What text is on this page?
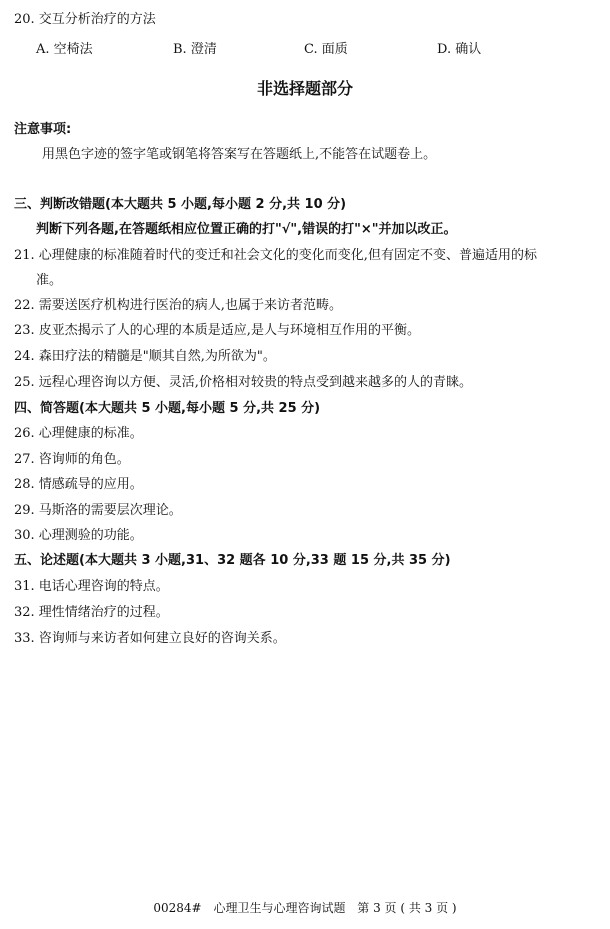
20. 交互分析治疗的方法
A. 空椅法	B. 澄清	C. 面质	D. 确认
非选择题部分
注意事项:
用黑色字迹的签字笔或钢笔将答案写在答题纸上,不能答在试题卷上。
三、判断改错题(本大题共 5 小题,每小题 2 分,共 10 分)
判断下列各题,在答题纸相应位置正确的打"√",错误的打"×"并加以改正。
21. 心理健康的标准随着时代的变迁和社会文化的变化而变化,但有固定不变、普遍适用的标
准。
22. 需要送医疗机构进行医治的病人,也属于来访者范畴。
23. 皮亚杰揭示了人的心理的本质是适应,是人与环境相互作用的平衡。
24. 森田疗法的精髓是"顺其自然,为所欲为"。
25. 远程心理咨询以方便、灵活,价格相对较贵的特点受到越来越多的人的青睐。
四、简答题(本大题共 5 小题,每小题 5 分,共 25 分)
26. 心理健康的标准。
27. 咨询师的角色。
28. 情感疏导的应用。
29. 马斯洛的需要层次理论。
30. 心理测验的功能。
五、论述题(本大题共 3 小题,31、32 题各 10 分,33 题 15 分,共 35 分)
31. 电话心理咨询的特点。
32. 理性情绪治疗的过程。
33. 咨询师与来访者如何建立良好的咨询关系。
00284# 心理卫生与心理咨询试题 第 3 页 ( 共 3 页 )
